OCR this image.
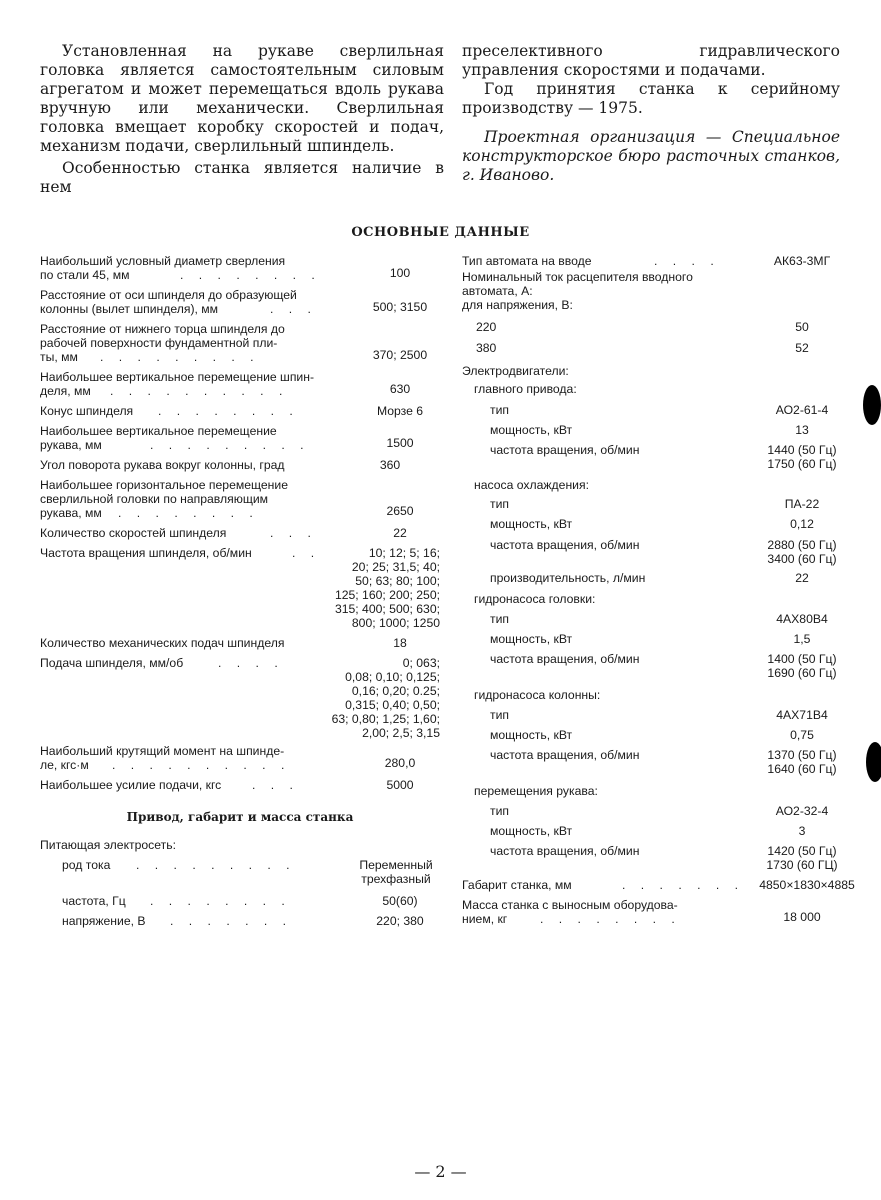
Установленная на рукаве сверлильная головка является самостоятельным силовым агрегатом и может перемещаться вдоль рукава вручную или механически. Сверлильная головка вмещает коробку скоростей и подач, механизм подачи, сверлильный шпиндель.

Особенностью станка является наличие в нем

преселективного гидравлического управления скоростями и подачами.

Год принятия станка к серийному производству — 1975.

Проектная организация — Специальное конструкторское бюро расточных станков, г. Иваново.

ОСНОВНЫЕ ДАННЫЕ
Наибольший условный диаметр сверления
по стали 45, мм	. . . . . . . .	100
Расстояние от оси шпинделя до образующей
колонны (вылет шпинделя), мм	. . .	500; 3150
Расстояние от нижнего торца шпинделя до
рабочей поверхности фундаментной пли-
ты, мм	. . . . . . . . .	370; 2500
Наибольшее вертикальное перемещение шпин-
деля, мм	. . . . . . . . . .	630
Конус шпинделя . . . . . . . .	Морзе 6
Наибольшее вертикальное перемещение
рукава, мм	. . . . . . . . .	1500
Угол поворота рукава вокруг колонны, град	360
Наибольшее горизонтальное перемещение
сверлильной головки по направляющим
рукава, мм	. . . . . . . .	2650
Количество скоростей шпинделя	. . .	22
Частота вращения шпинделя, об/мин	. .	10; 12; 5; 16;
20; 25; 31,5; 40;
50; 63; 80; 100;
125; 160; 200; 250;
315; 400; 500; 630;
800; 1000; 1250
Количество механических подач шпинделя	18
Подача шпинделя, мм/об	. . . .	0; 063;
0,08; 0,10; 0,125;
0,16; 0,20; 0.25;
0,315; 0,40; 0,50;
63; 0,80; 1,25; 1,60;
2,00; 2,5; 3,15
Наибольший крутящий момент на шпинде-
ле, кгс·м	. . . . . . . . . .	280,0
Наибольшее усилие подачи, кгс	. . .	5000
Питающая электросеть:
род тока . . . . . . . . .	Переменный
трехфазный
частота, Гц . . . . . . . .	50(60)
напряжение, В . . . . . . .	220; 380
Привод, габарит и масса станка
Тип автомата на вводе	. . . .	АК63-3МГ
Номинальный ток расцепителя вводного
автомата, А:
для напряжения, В:
220	50
380	52
Электродвигатели:
главного привода:
тип	АО2-61-4
мощность, кВт	13
частота вращения, об/мин	1440 (50 Гц)
1750 (60 Гц)
насоса охлаждения:
тип	ПА-22
мощность, кВт	0,12
частота вращения, об/мин	2880 (50 Гц)
3400 (60 Гц)
производительность, л/мин	22
гидронасоса головки:
тип	4АХ80В4
мощность, кВт	1,5
частота вращения, об/мин	1400 (50 Гц)
1690 (60 Гц)
гидронасоса колонны:
тип	4АХ71В4
мощность, кВт	0,75
частота вращения, об/мин	1370 (50 Гц)
1640 (60 Гц)
перемещения рукава:
тип	АО2-32-4
мощность, кВт	3
частота вращения, об/мин	1420 (50 Гц)
1730 (60 ГЦ)
Габарит станка, мм	. . . . . . .	4850×1830×4885
Масса станка с выносным оборудова-
нием, кг	. . . . . . . .	18 000
— 2 —
